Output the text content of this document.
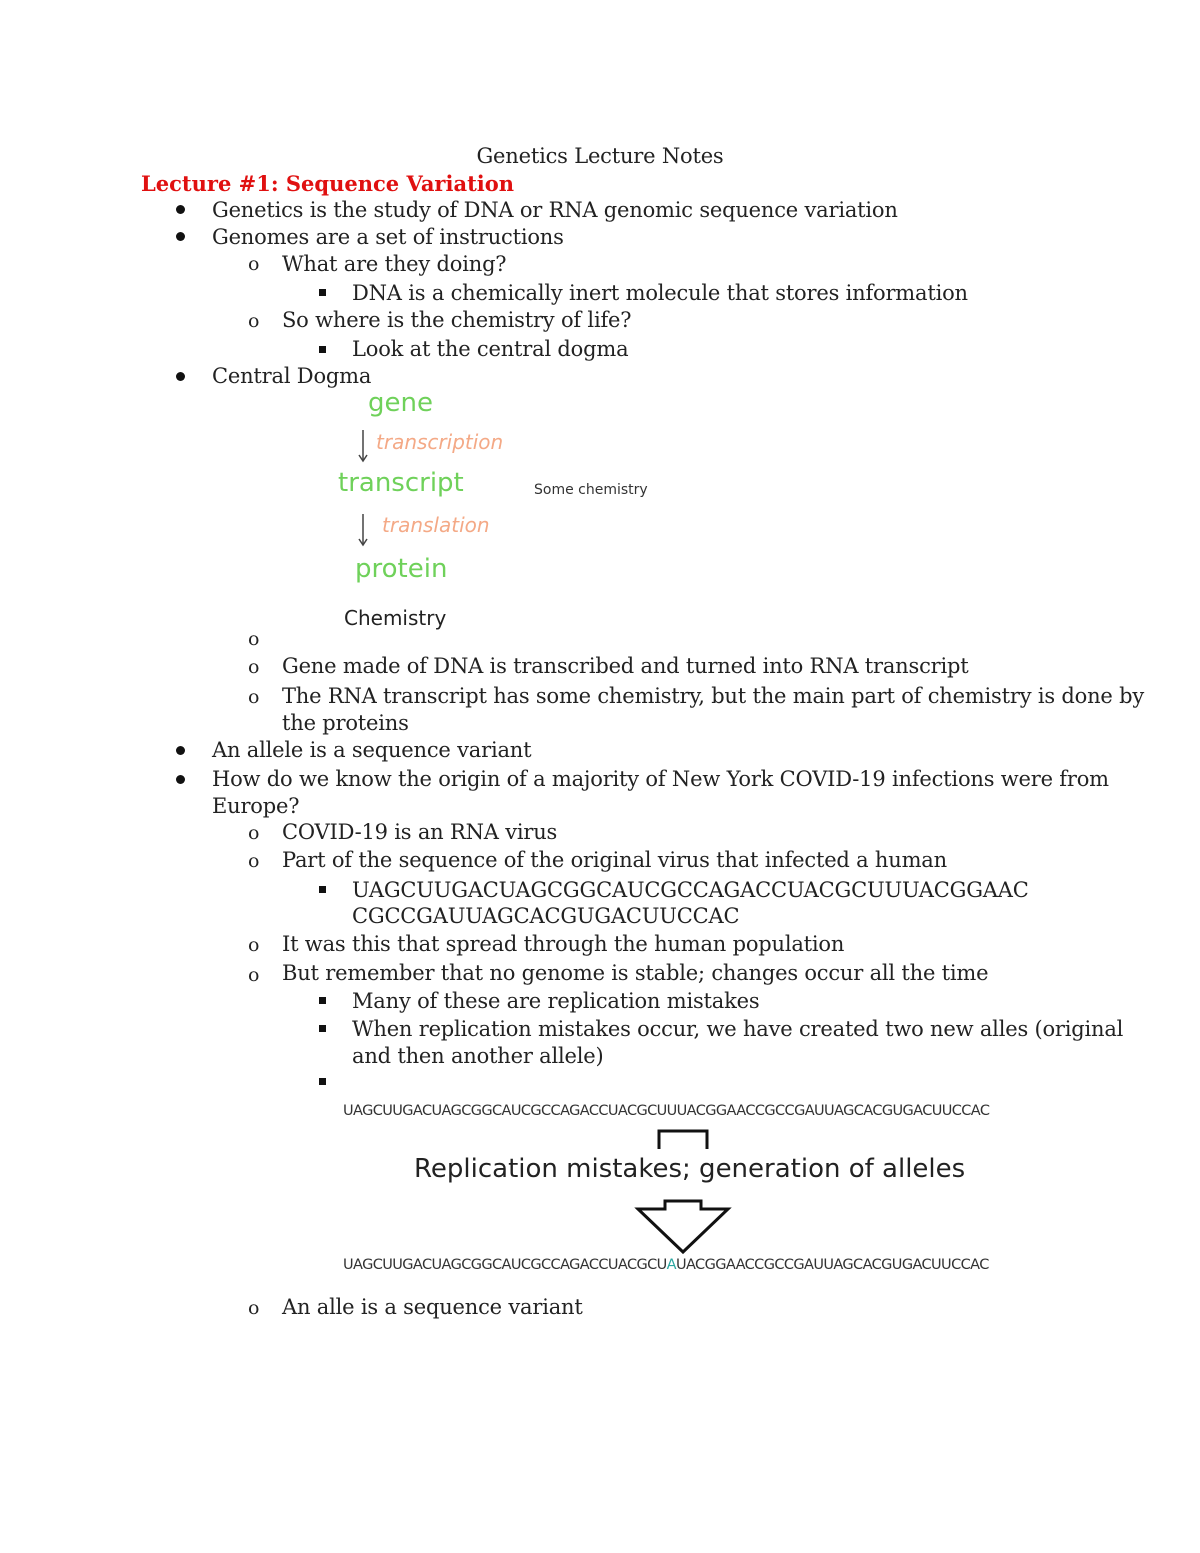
Genetics Lecture Notes
Lecture #1: Sequence Variation
Genetics is the study of DNA or RNA genomic sequence variation
Genomes are a set of instructions
o What are they doing?
DNA is a chemically inert molecule that stores information
o So where is the chemistry of life?
Look at the central dogma
Central Dogma
gene
transcription
transcript	Some chemistry
translation
protein
Chemistry
o
o Gene made of DNA is transcribed and turned into RNA transcript
o The RNA transcript has some chemistry, but the main part of chemistry is done by
the proteins
An allele is a sequence variant
How do we know the origin of a majority of New York COVID-19 infections were from
Europe?
o COVID-19 is an RNA virus
o Part of the sequence of the original virus that infected a human
UAGCUUGACUAGCGGCAUCGCCAGACCUACGCUUUACGGAAC
CGCCGAUUAGCACGUGACUUCCAC
o It was this that spread through the human population
o But remember that no genome is stable; changes occur all the time
Many of these are replication mistakes
When replication mistakes occur, we have created two new alles (original
and then another allele)
UAGCUUGACUAGCGGCAUCGCCAGACCUACGCUUUACGGAACCGCCGAUUAGCACGUGACUUCCAC
Replication mistakes; generation of alleles
UAGCUUGACUAGCGGCAUCGCCAGACCUACGCUAUACGGAACCGCCGAUUAGCACGUGACUUCCAC
o An alle is a sequence variant
